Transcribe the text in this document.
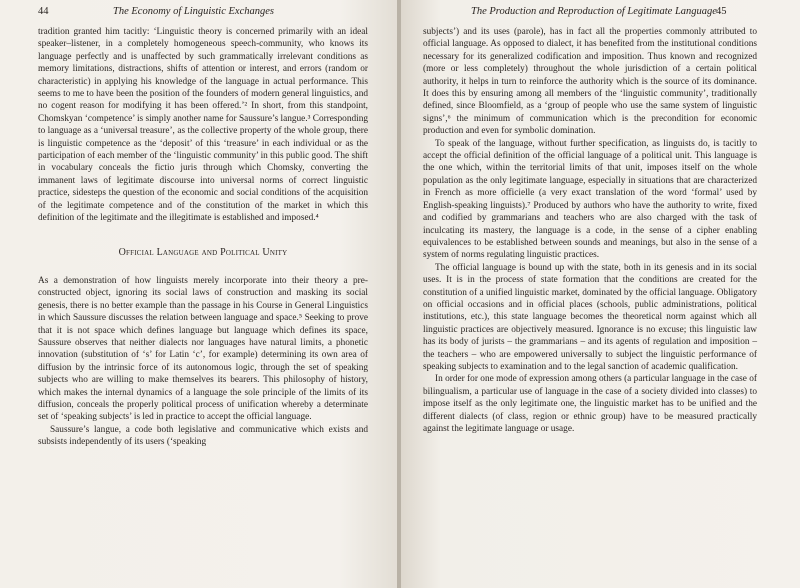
44	The Economy of Linguistic Exchanges

tradition granted him tacitly: ‘Linguistic theory is concerned primarily with an ideal speaker–listener, in a completely homogeneous speech-community, who knows its language perfectly and is unaffected by such grammatically irrelevant conditions as memory limitations, distractions, shifts of attention or interest, and errors (random or characteristic) in applying his knowledge of the language in actual performance. This seems to me to have been the position of the founders of modern general linguistics, and no cogent reason for modifying it has been offered.’² In short, from this standpoint, Chomskyan ‘competence’ is simply another name for Saussure’s langue.³ Corresponding to language as a ‘universal treasure’, as the collective property of the whole group, there is linguistic competence as the ‘deposit’ of this ‘treasure’ in each individual or as the participation of each member of the ‘linguistic community’ in this public good. The shift in vocabulary conceals the fictio juris through which Chomsky, converting the immanent laws of legitimate discourse into universal norms of correct linguistic practice, sidesteps the question of the economic and social conditions of the acquisition of the legitimate competence and of the constitution of the market in which this definition of the legitimate and the illegitimate is established and imposed.⁴

Official Language and Political Unity

As a demonstration of how linguists merely incorporate into their theory a pre-constructed object, ignoring its social laws of construction and masking its social genesis, there is no better example than the passage in his Course in General Linguistics in which Saussure discusses the relation between language and space.⁵ Seeking to prove that it is not space which defines language but language which defines its space, Saussure observes that neither dialects nor languages have natural limits, a phonetic innovation (substitution of ‘s’ for Latin ‘c’, for example) determining its own area of diffusion by the intrinsic force of its autonomous logic, through the set of speaking subjects who are willing to make themselves its bearers. This philosophy of history, which makes the internal dynamics of a language the sole principle of the limits of its diffusion, conceals the properly political process of unification whereby a determinate set of ‘speaking subjects’ is led in practice to accept the official language.

Saussure’s langue, a code both legislative and communicative which exists and subsists independently of its users (‘speaking

The Production and Reproduction of Legitimate Language 45

subjects’) and its uses (parole), has in fact all the properties commonly attributed to official language. As opposed to dialect, it has benefited from the institutional conditions necessary for its generalized codification and imposition. Thus known and recognized (more or less completely) throughout the whole jurisdiction of a certain political authority, it helps in turn to reinforce the authority which is the source of its dominance. It does this by ensuring among all members of the ‘linguistic community’, traditionally defined, since Bloomfield, as a ‘group of people who use the same system of linguistic signs’,⁶ the minimum of communication which is the precondition for economic production and even for symbolic domination.

To speak of the language, without further specification, as linguists do, is tacitly to accept the official definition of the official language of a political unit. This language is the one which, within the territorial limits of that unit, imposes itself on the whole population as the only legitimate language, especially in situations that are characterized in French as more officielle (a very exact translation of the word ‘formal’ used by English-speaking linguists).⁷ Produced by authors who have the authority to write, fixed and codified by grammarians and teachers who are also charged with the task of inculcating its mastery, the language is a code, in the sense of a cipher enabling equivalences to be established between sounds and meanings, but also in the sense of a system of norms regulating linguistic practices.

The official language is bound up with the state, both in its genesis and in its social uses. It is in the process of state formation that the conditions are created for the constitution of a unified linguistic market, dominated by the official language. Obligatory on official occasions and in official places (schools, public administrations, political institutions, etc.), this state language becomes the theoretical norm against which all linguistic practices are objectively measured. Ignorance is no excuse; this linguistic law has its body of jurists – the grammarians – and its agents of regulation and imposition – the teachers – who are empowered universally to subject the linguistic performance of speaking subjects to examination and to the legal sanction of academic qualification.

In order for one mode of expression among others (a particular language in the case of bilingualism, a particular use of language in the case of a society divided into classes) to impose itself as the only legitimate one, the linguistic market has to be unified and the different dialects (of class, region or ethnic group) have to be measured practically against the legitimate language or usage.
